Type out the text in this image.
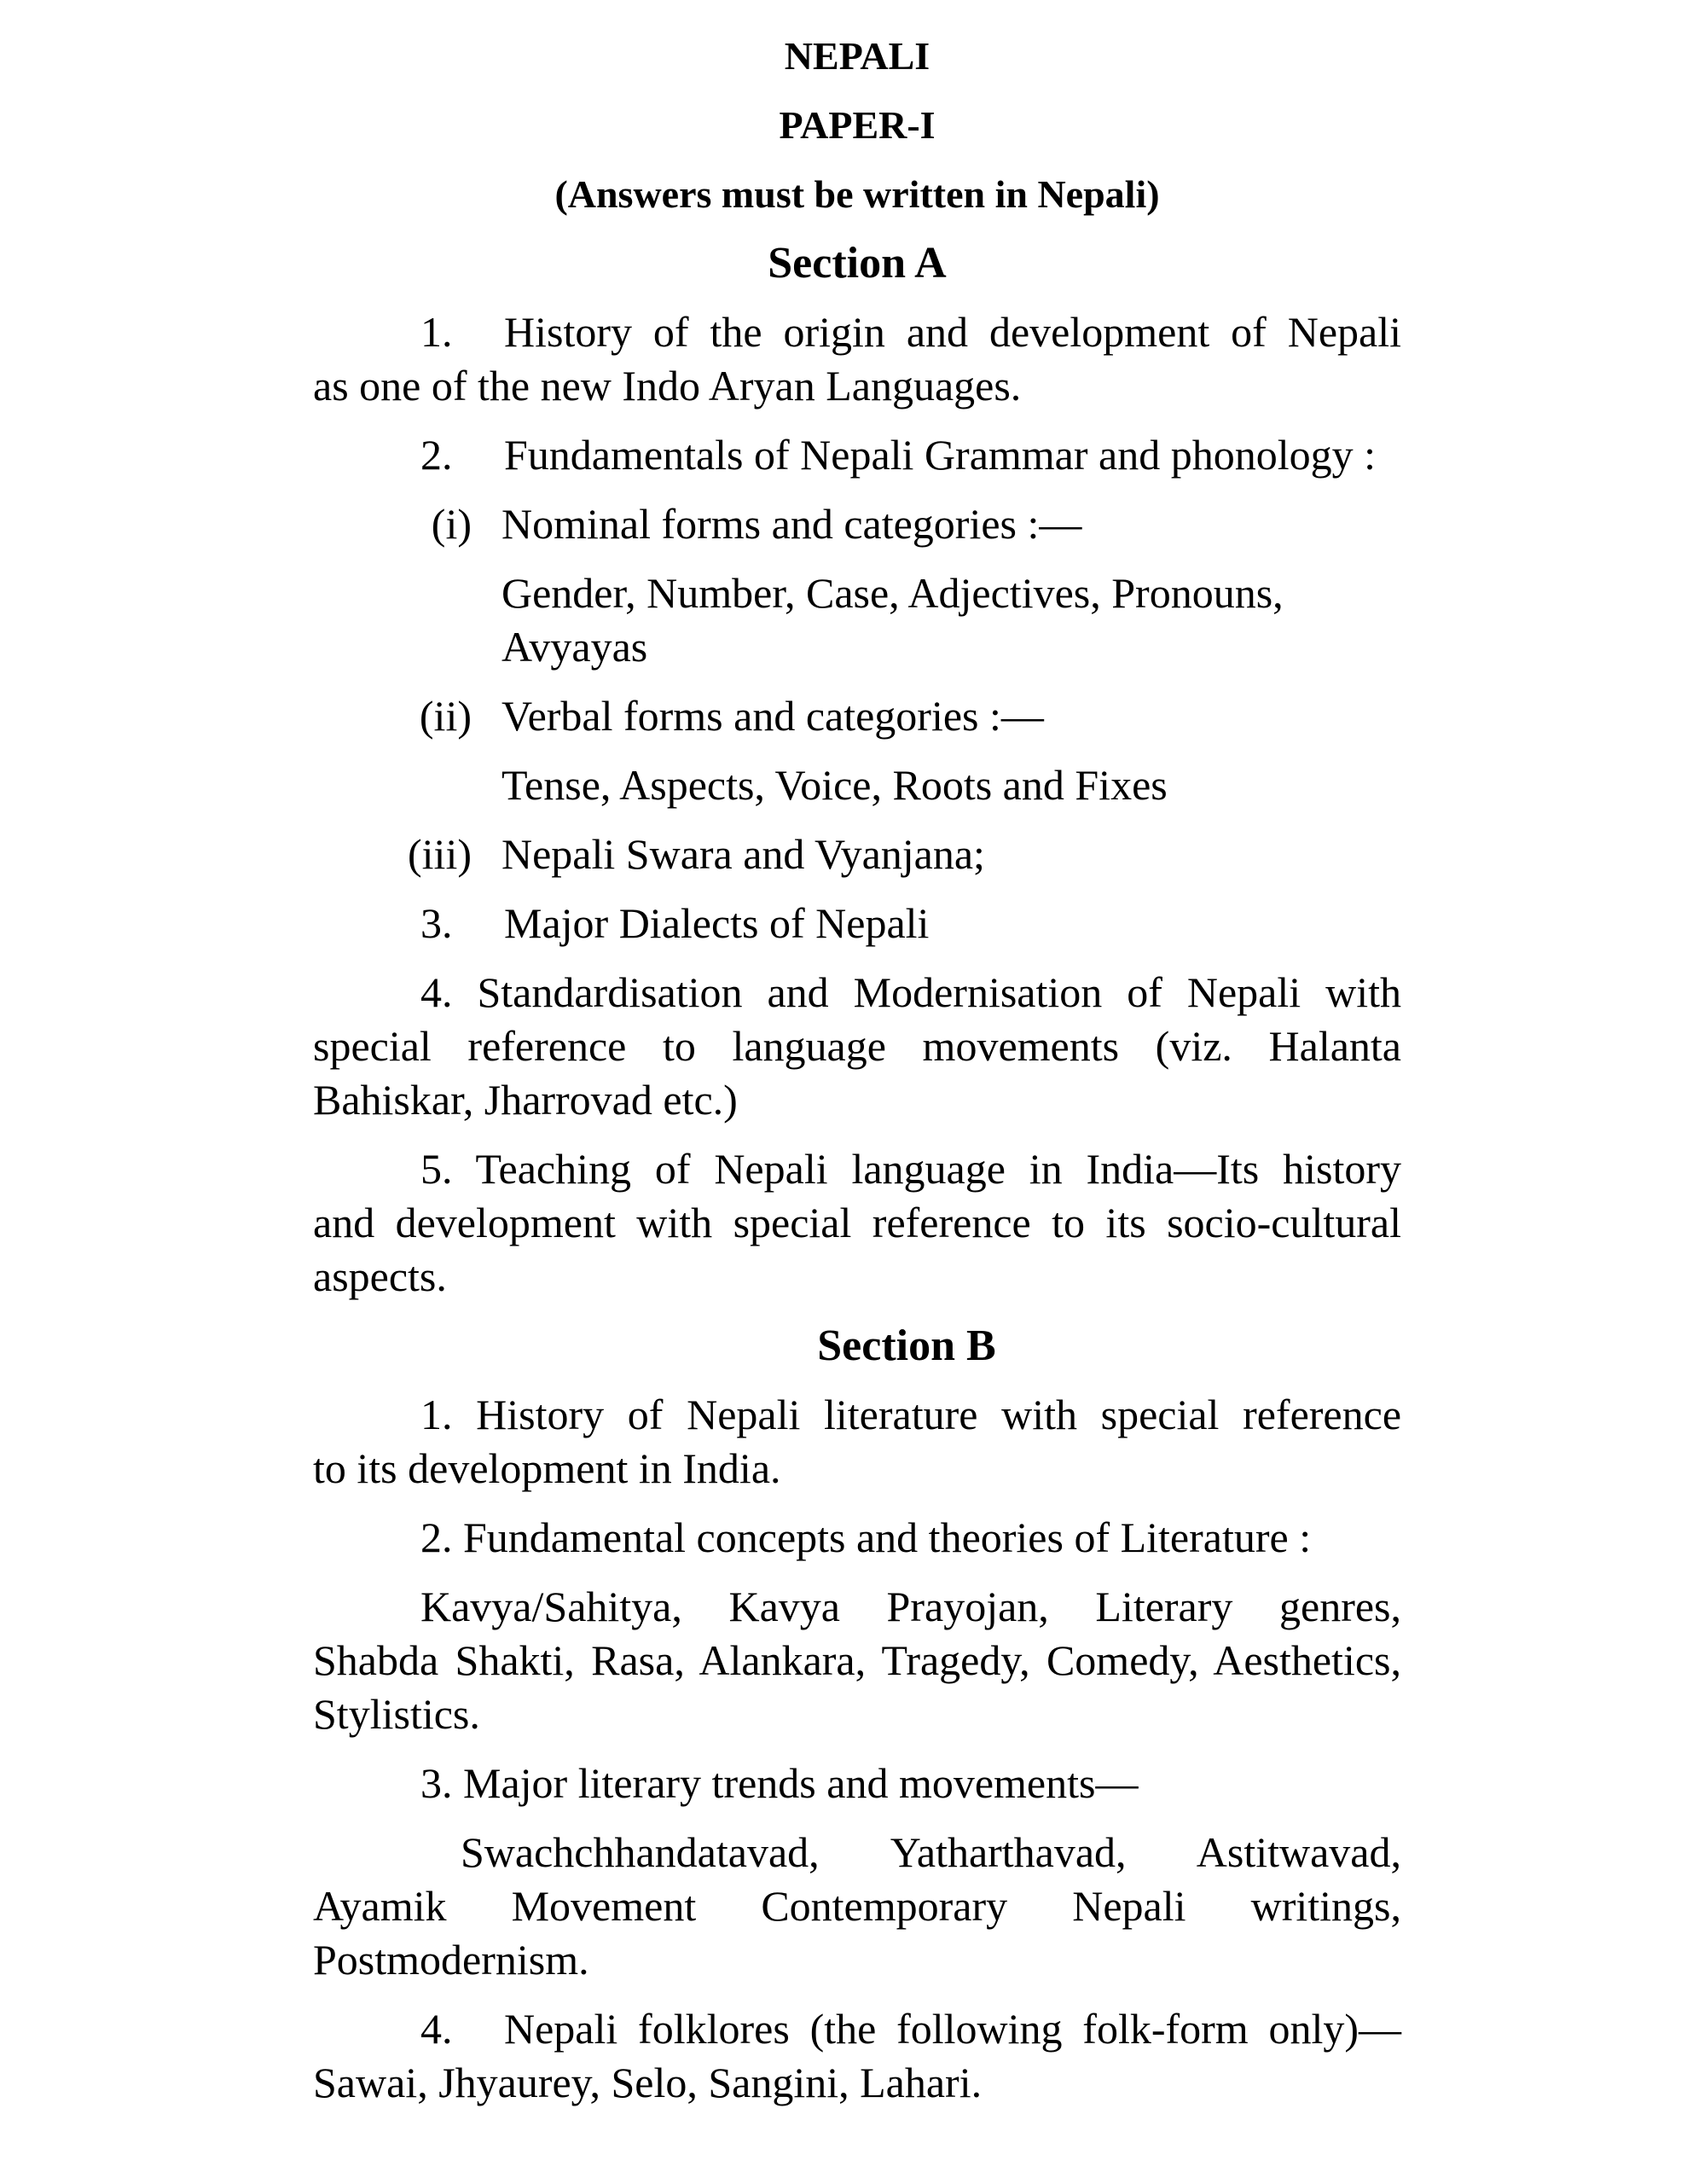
NEPALI
PAPER-I
(Answers must be written in Nepali)
Section A
1. History of the origin and development of Nepali
as one of the new Indo Aryan Languages.
2. Fundamentals of Nepali Grammar and phonology :
(i) Nominal forms and categories :—
Gender, Number, Case, Adjectives, Pronouns,
Avyayas
(ii) Verbal forms and categories :—
Tense, Aspects, Voice, Roots and Fixes
(iii) Nepali Swara and Vyanjana;
3. Major Dialects of Nepali
4. Standardisation and Modernisation of Nepali with
special reference to language movements (viz. Halanta
Bahiskar, Jharrovad etc.)
5. Teaching of Nepali language in India—Its history
and development with special reference to its socio-cultural
aspects.
Section B
1. History of Nepali literature with special reference
to its development in India.
2. Fundamental concepts and theories of Literature :
Kavya/Sahitya, Kavya Prayojan, Literary genres,
Shabda Shakti, Rasa, Alankara, Tragedy, Comedy, Aesthetics,
Stylistics.
3. Major literary trends and movements—
Swachchhandatavad, Yatharthavad, Astitwavad,
Ayamik Movement Contemporary Nepali writings,
Postmodernism.
4. Nepali folklores (the following folk-form only)—
Sawai, Jhyaurey, Selo, Sangini, Lahari.
